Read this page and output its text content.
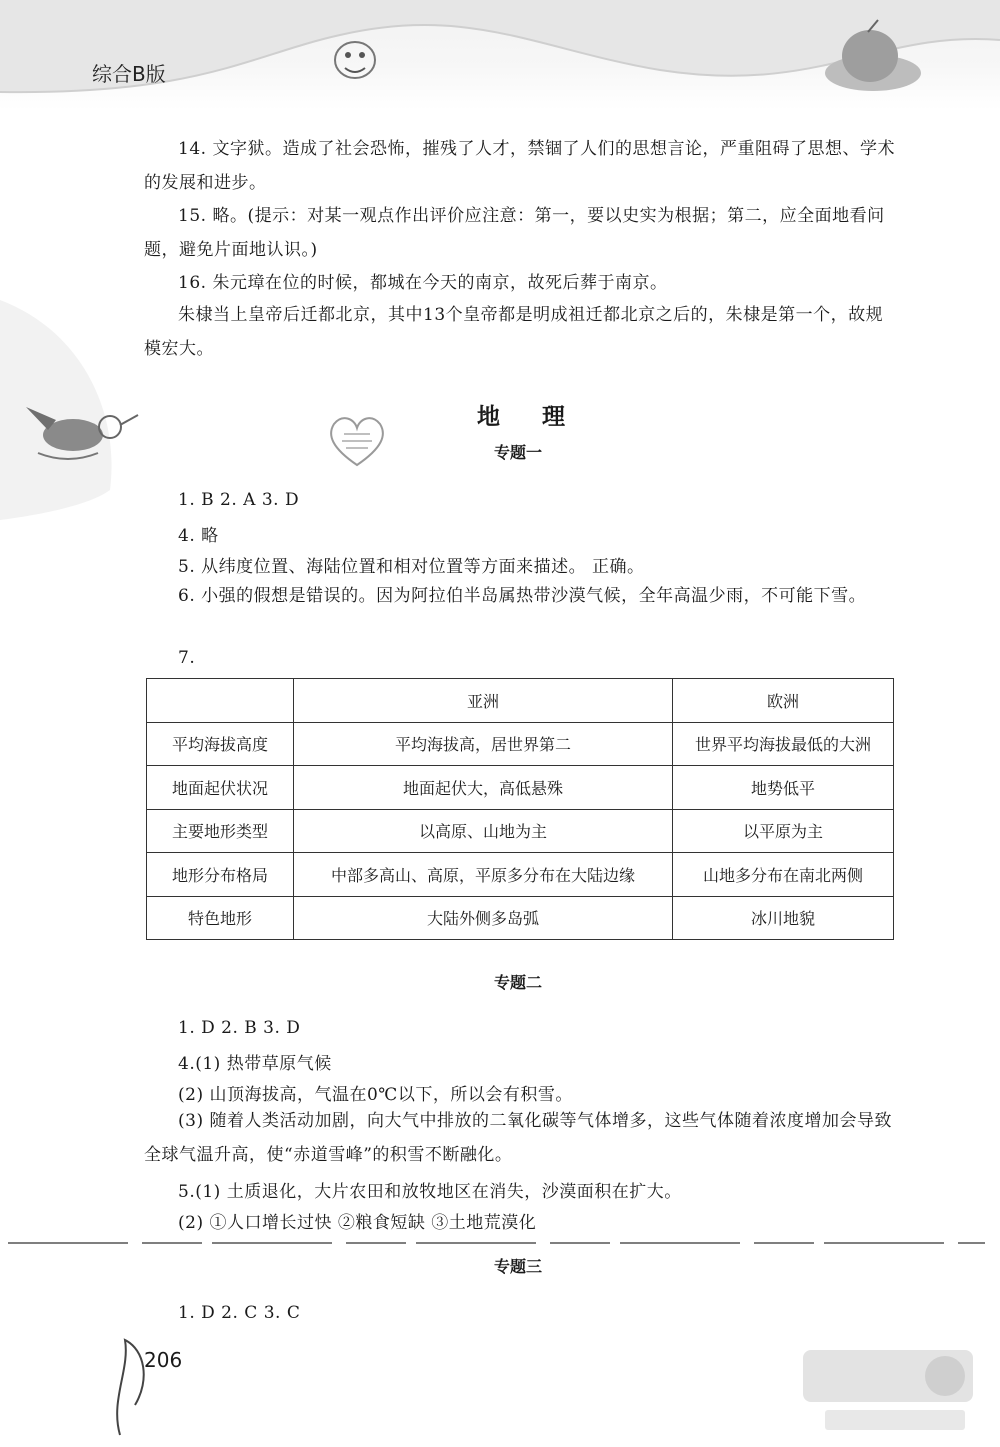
综合B版
14. 文字狱。造成了社会恐怖，摧残了人才，禁锢了人们的思想言论，严重阻碍了思想、学术的发展和进步。
15. 略。(提示：对某一观点作出评价应注意：第一，要以史实为根据；第二，应全面地看问题，避免片面地认识。)
16. 朱元璋在位的时候，都城在今天的南京，故死后葬于南京。
朱棣当上皇帝后迁都北京，其中13个皇帝都是明成祖迁都北京之后的，朱棣是第一个，故规模宏大。
地理
专题一
1. B 2. A 3. D
4. 略
5. 从纬度位置、海陆位置和相对位置等方面来描述。 正确。
6. 小强的假想是错误的。因为阿拉伯半岛属热带沙漠气候，全年高温少雨，不可能下雪。
7.
	亚洲	欧洲
平均海拔高度	平均海拔高，居世界第二	世界平均海拔最低的大洲
地面起伏状况	地面起伏大，高低悬殊	地势低平
主要地形类型	以高原、山地为主	以平原为主
地形分布格局	中部多高山、高原，平原多分布在大陆边缘	山地多分布在南北两侧
特色地形	大陆外侧多岛弧	冰川地貌
专题二
1. D 2. B 3. D
4.(1) 热带草原气候
(2) 山顶海拔高，气温在0℃以下，所以会有积雪。
(3) 随着人类活动加剧，向大气中排放的二氧化碳等气体增多，这些气体随着浓度增加会导致全球气温升高，使“赤道雪峰”的积雪不断融化。
5.(1) 土质退化，大片农田和放牧地区在消失，沙漠面积在扩大。
(2) ①人口增长过快 ②粮食短缺 ③土地荒漠化
专题三
1. D 2. C 3. C
206
